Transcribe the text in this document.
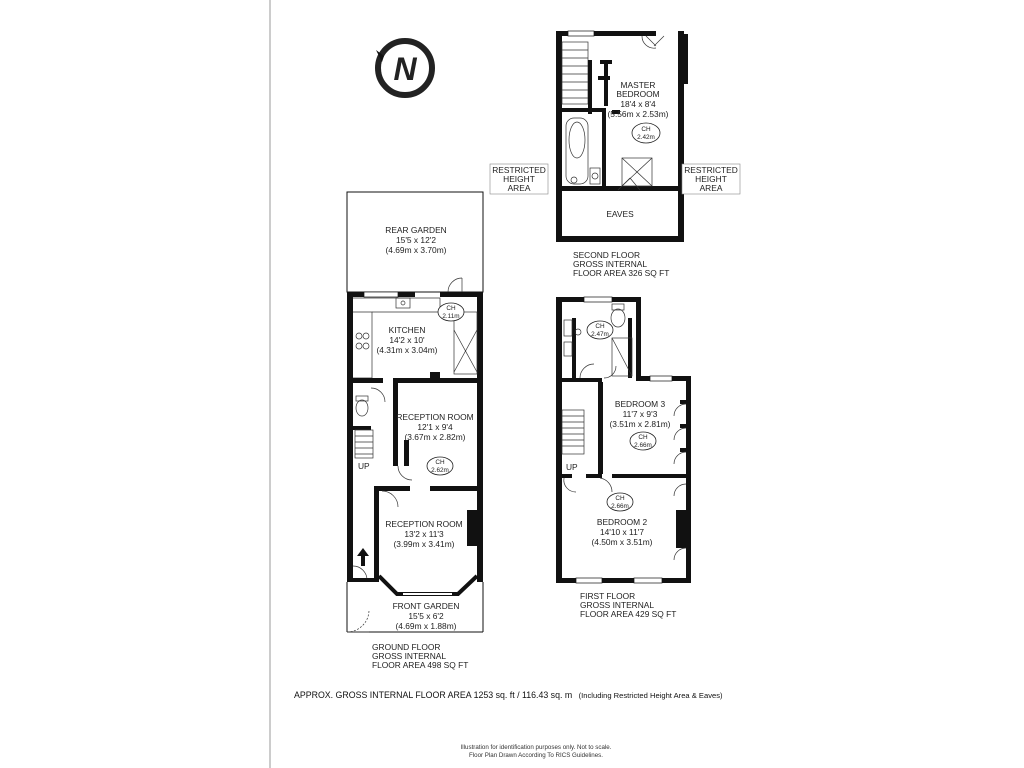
N	MASTER
BEDROOM
18'4 x 8'4
(5.56m x 2.53m)
CH
2.42m
EAVES
RESTRICTED
HEIGHT
AREA
RESTRICTED
HEIGHT
AREA
SECOND FLOOR
GROSS INTERNAL
FLOOR AREA 326 SQ FT
UP
CH
2.47m
BEDROOM 3
11'7 x 9'3
(3.51m x 2.81m)
CH
2.66m
CH
2.66m
BEDROOM 2
14'10 x 11'7
(4.50m x 3.51m)
FIRST FLOOR
GROSS INTERNAL
FLOOR AREA 429 SQ FT
CH
2.11m
KITCHEN
14'2 x 10'
(4.31m x 3.04m)
UP
RECEPTION ROOM
12'1 x 9'4
(3.67m x 2.82m)
CH
2.62m
RECEPTION ROOM
13'2 x 11'3
(3.99m x 3.41m)
REAR GARDEN
15'5 x 12'2
(4.69m x 3.70m)
FRONT GARDEN
15'5 x 6'2
(4.69m x 1.88m)
GROUND FLOOR
GROSS INTERNAL
FLOOR AREA 498 SQ FT
APPROX. GROSS INTERNAL FLOOR AREA 1253 sq. ft / 116.43 sq. m (Including Restricted Height Area & Eaves)
Illustration for identification purposes only. Not to scale.
Floor Plan Drawn According To RICS Guidelines.
